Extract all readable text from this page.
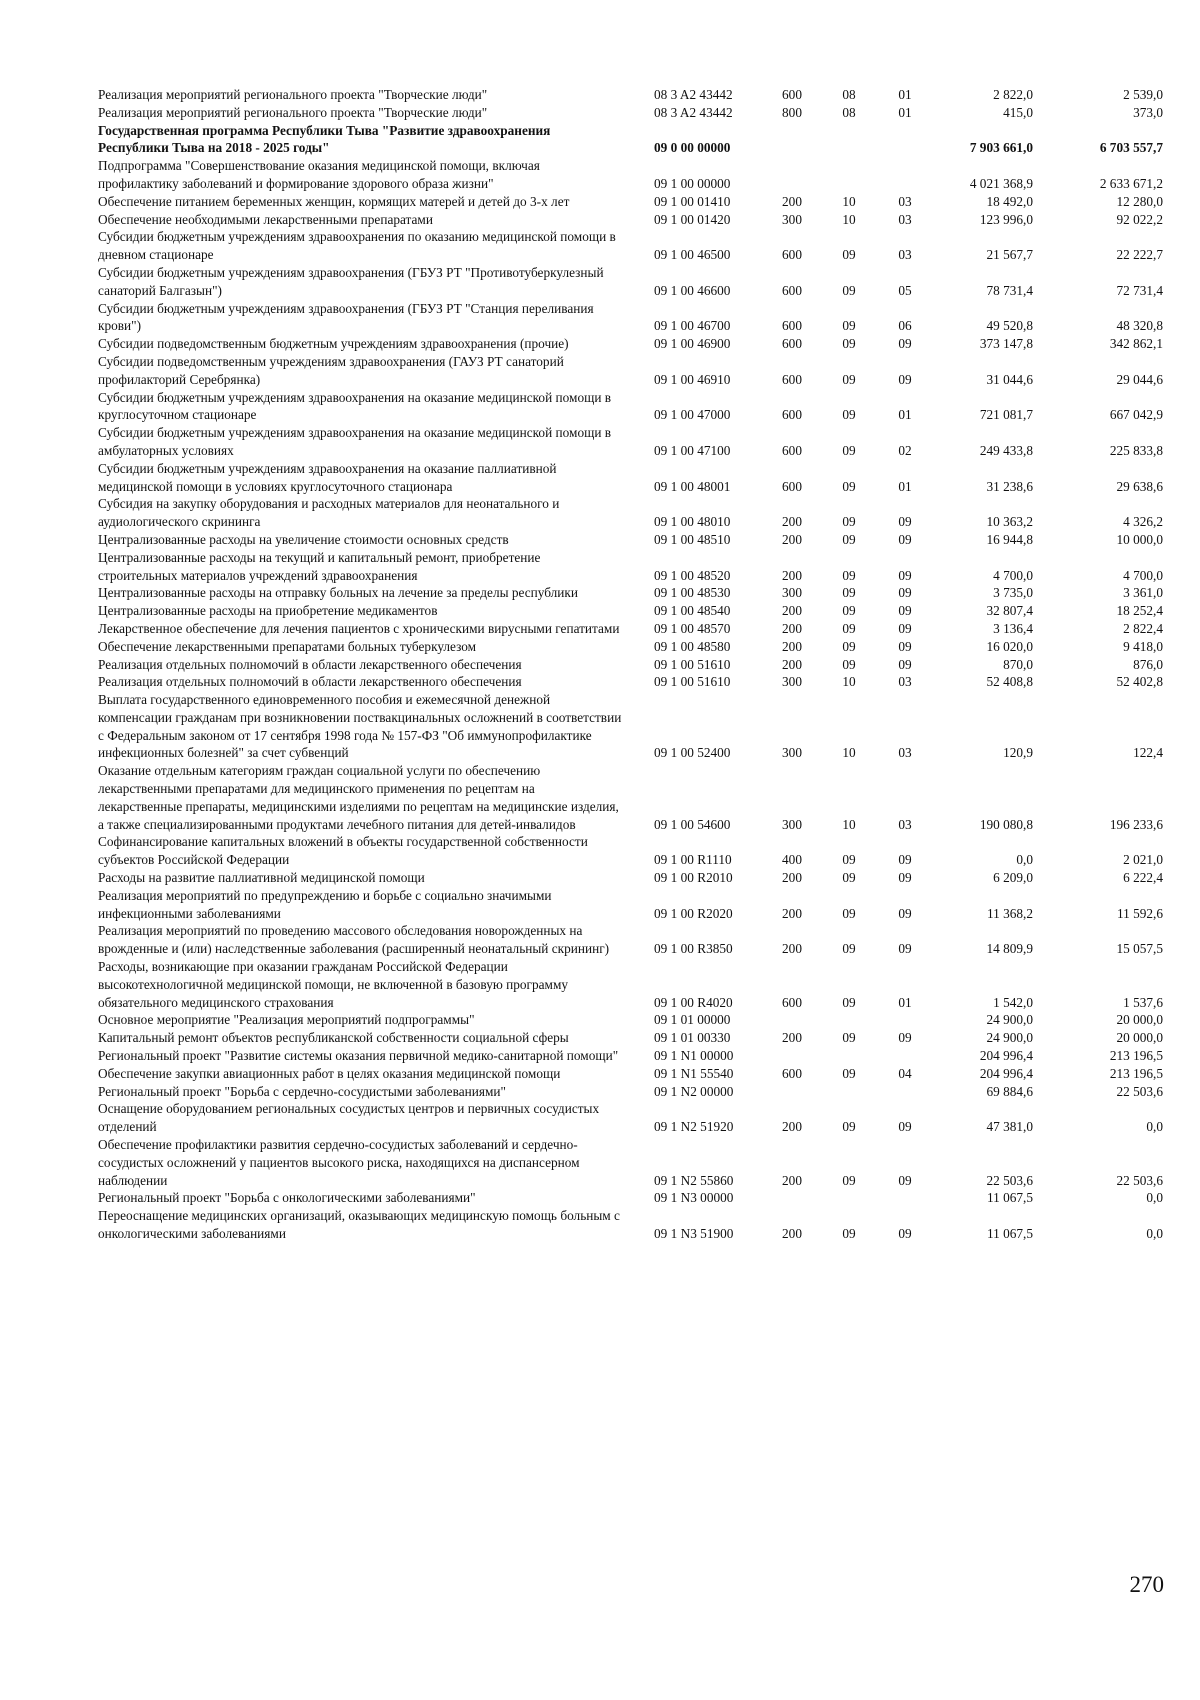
Реализация мероприятий регионального проекта "Творческие люди"	08 3 A2 43442	600	08	01	2 822,0	2 539,0
Реализация мероприятий регионального проекта "Творческие люди"	08 3 A2 43442	800	08	01	415,0	373,0
Государственная программа Республики Тыва "Развитие здравоохранения Республики Тыва на 2018 - 2025 годы"	09 0 00 00000				7 903 661,0	6 703 557,7
Подпрограмма "Совершенствование оказания медицинской помощи, включая профилактику заболеваний и формирование здорового образа жизни"	09 1 00 00000				4 021 368,9	2 633 671,2
Обеспечение питанием беременных женщин, кормящих матерей и детей до 3-х лет	09 1 00 01410	200	10	03	18 492,0	12 280,0
Обеспечение необходимыми лекарственными препаратами	09 1 00 01420	300	10	03	123 996,0	92 022,2
Субсидии бюджетным учреждениям здравоохранения по оказанию медицинской помощи в дневном стационаре	09 1 00 46500	600	09	03	21 567,7	22 222,7
Субсидии бюджетным учреждениям здравоохранения (ГБУЗ РТ "Противотуберкулезный санаторий Балгазын")	09 1 00 46600	600	09	05	78 731,4	72 731,4
Субсидии бюджетным учреждениям здравоохранения (ГБУЗ РТ "Станция переливания крови")	09 1 00 46700	600	09	06	49 520,8	48 320,8
Субсидии подведомственным бюджетным учреждениям здравоохранения (прочие)	09 1 00 46900	600	09	09	373 147,8	342 862,1
Субсидии подведомственным учреждениям здравоохранения (ГАУЗ РТ санаторий профилакторий Серебрянка)	09 1 00 46910	600	09	09	31 044,6	29 044,6
Субсидии бюджетным учреждениям здравоохранения на оказание медицинской помощи в круглосуточном стационаре	09 1 00 47000	600	09	01	721 081,7	667 042,9
Субсидии бюджетным учреждениям здравоохранения на оказание медицинской помощи в амбулаторных условиях	09 1 00 47100	600	09	02	249 433,8	225 833,8
Субсидии бюджетным учреждениям здравоохранения на оказание паллиативной медицинской помощи в условиях круглосуточного стационара	09 1 00 48001	600	09	01	31 238,6	29 638,6
Субсидия на закупку оборудования и расходных материалов для неонатального и аудиологического скрининга	09 1 00 48010	200	09	09	10 363,2	4 326,2
Централизованные расходы на увеличение стоимости основных средств	09 1 00 48510	200	09	09	16 944,8	10 000,0
Централизованные расходы на текущий и капитальный ремонт, приобретение строительных материалов учреждений здравоохранения	09 1 00 48520	200	09	09	4 700,0	4 700,0
Централизованные расходы на отправку больных на лечение за пределы республики	09 1 00 48530	300	09	09	3 735,0	3 361,0
Централизованные расходы на приобретение медикаментов	09 1 00 48540	200	09	09	32 807,4	18 252,4
Лекарственное обеспечение для лечения пациентов с хроническими вирусными гепатитами	09 1 00 48570	200	09	09	3 136,4	2 822,4
Обеспечение лекарственными препаратами больных туберкулезом	09 1 00 48580	200	09	09	16 020,0	9 418,0
Реализация отдельных полномочий в области лекарственного обеспечения	09 1 00 51610	200	09	09	870,0	876,0
Реализация отдельных полномочий в области лекарственного обеспечения	09 1 00 51610	300	10	03	52 408,8	52 402,8
Выплата государственного единовременного пособия и ежемесячной денежной компенсации гражданам при возникновении поствакцинальных осложнений в соответствии с Федеральным законом от 17 сентября 1998 года № 157-ФЗ "Об иммунопрофилактике инфекционных болезней" за счет субвенций	09 1 00 52400	300	10	03	120,9	122,4
Оказание отдельным категориям граждан социальной услуги по обеспечению лекарственными препаратами для медицинского применения по рецептам на лекарственные препараты, медицинскими изделиями по рецептам на медицинские изделия, а также специализированными продуктами лечебного питания для детей-инвалидов	09 1 00 54600	300	10	03	190 080,8	196 233,6
Софинансирование капитальных вложений в объекты государственной собственности субъектов Российской Федерации	09 1 00 R1110	400	09	09	0,0	2 021,0
Расходы на развитие паллиативной медицинской помощи	09 1 00 R2010	200	09	09	6 209,0	6 222,4
Реализация мероприятий по предупреждению и борьбе с социально значимыми инфекционными заболеваниями	09 1 00 R2020	200	09	09	11 368,2	11 592,6
Реализация мероприятий по проведению массового обследования новорожденных на врожденные и (или) наследственные заболевания (расширенный неонатальный скрининг)	09 1 00 R3850	200	09	09	14 809,9	15 057,5
Расходы, возникающие при оказании гражданам Российской Федерации высокотехнологичной медицинской помощи, не включенной в базовую программу обязательного медицинского страхования	09 1 00 R4020	600	09	01	1 542,0	1 537,6
Основное мероприятие "Реализация мероприятий подпрограммы"	09 1 01 00000				24 900,0	20 000,0
Капитальный ремонт объектов республиканской собственности социальной сферы	09 1 01 00330	200	09	09	24 900,0	20 000,0
Региональный проект "Развитие системы оказания первичной медико-санитарной помощи"	09 1 N1 00000				204 996,4	213 196,5
Обеспечение закупки авиационных работ в целях оказания медицинской помощи	09 1 N1 55540	600	09	04	204 996,4	213 196,5
Региональный проект "Борьба с сердечно-сосудистыми заболеваниями"	09 1 N2 00000				69 884,6	22 503,6
Оснащение оборудованием региональных сосудистых центров и первичных сосудистых отделений	09 1 N2 51920	200	09	09	47 381,0	0,0
Обеспечение профилактики развития сердечно-сосудистых заболеваний и сердечно-сосудистых осложнений у пациентов высокого риска, находящихся на диспансерном наблюдении	09 1 N2 55860	200	09	09	22 503,6	22 503,6
Региональный проект "Борьба с онкологическими заболеваниями"	09 1 N3 00000				11 067,5	0,0
Переоснащение медицинских организаций, оказывающих медицинскую помощь больным с онкологическими заболеваниями	09 1 N3 51900	200	09	09	11 067,5	0,0
270
